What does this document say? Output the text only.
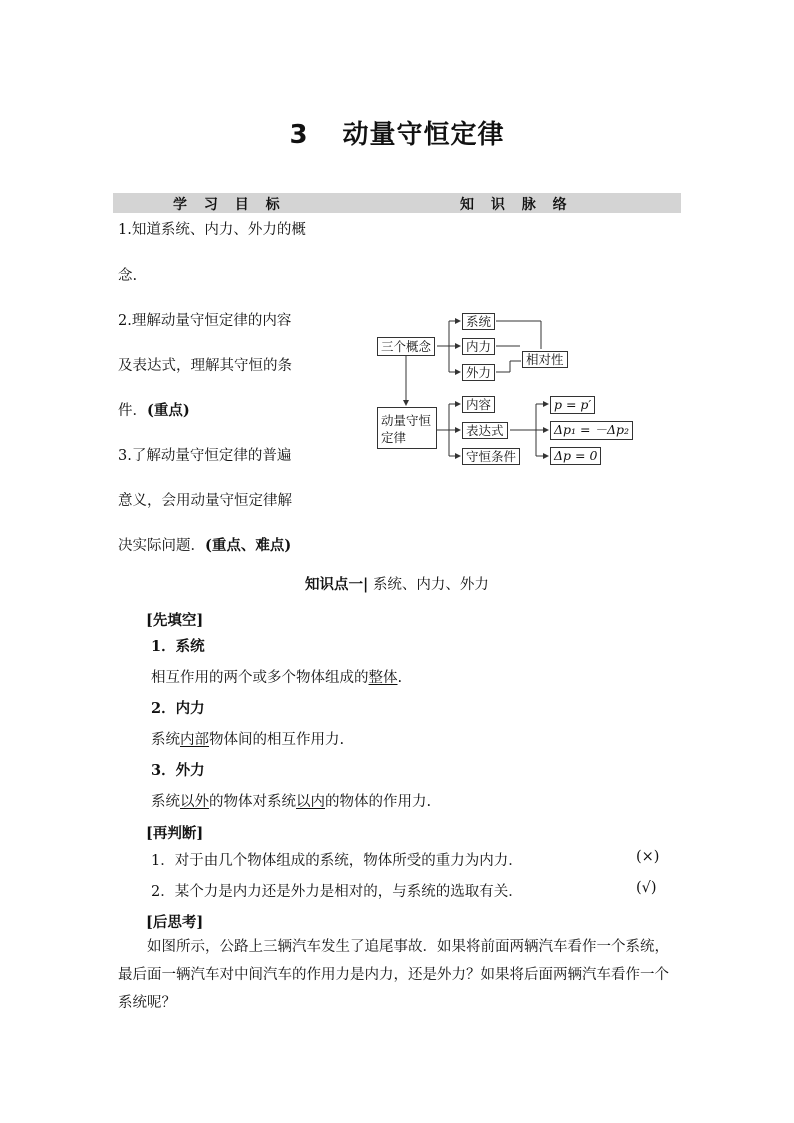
3 动量守恒定律
学 习 目 标	知 识 脉 络
1.知道系统、内力、外力的概
念.
2.理解动量守恒定律的内容
及表达式，理解其守恒的条
件．(重点)
3.了解动量守恒定律的普遍
意义，会用动量守恒定律解
决实际问题．(重点、难点)
三个概念
系统
内力
外力
相对性
动量守恒
定律
内容
表达式
守恒条件
p = p′
Δp₁ = －Δp₂
Δp = 0
知识点一| 系统、内力、外力
[先填空]
1．系统
相互作用的两个或多个物体组成的整体.
2．内力
系统内部物体间的相互作用力.
3．外力
系统以外的物体对系统以内的物体的作用力.
[再判断]
1．对于由几个物体组成的系统，物体所受的重力为内力．	(×)
2．某个力是内力还是外力是相对的，与系统的选取有关．	(√)
[后思考]
如图所示，公路上三辆汽车发生了追尾事故．如果将前面两辆汽车看作一个系统，最后面一辆汽车对中间汽车的作用力是内力，还是外力？如果将后面两辆汽车看作一个系统呢？
